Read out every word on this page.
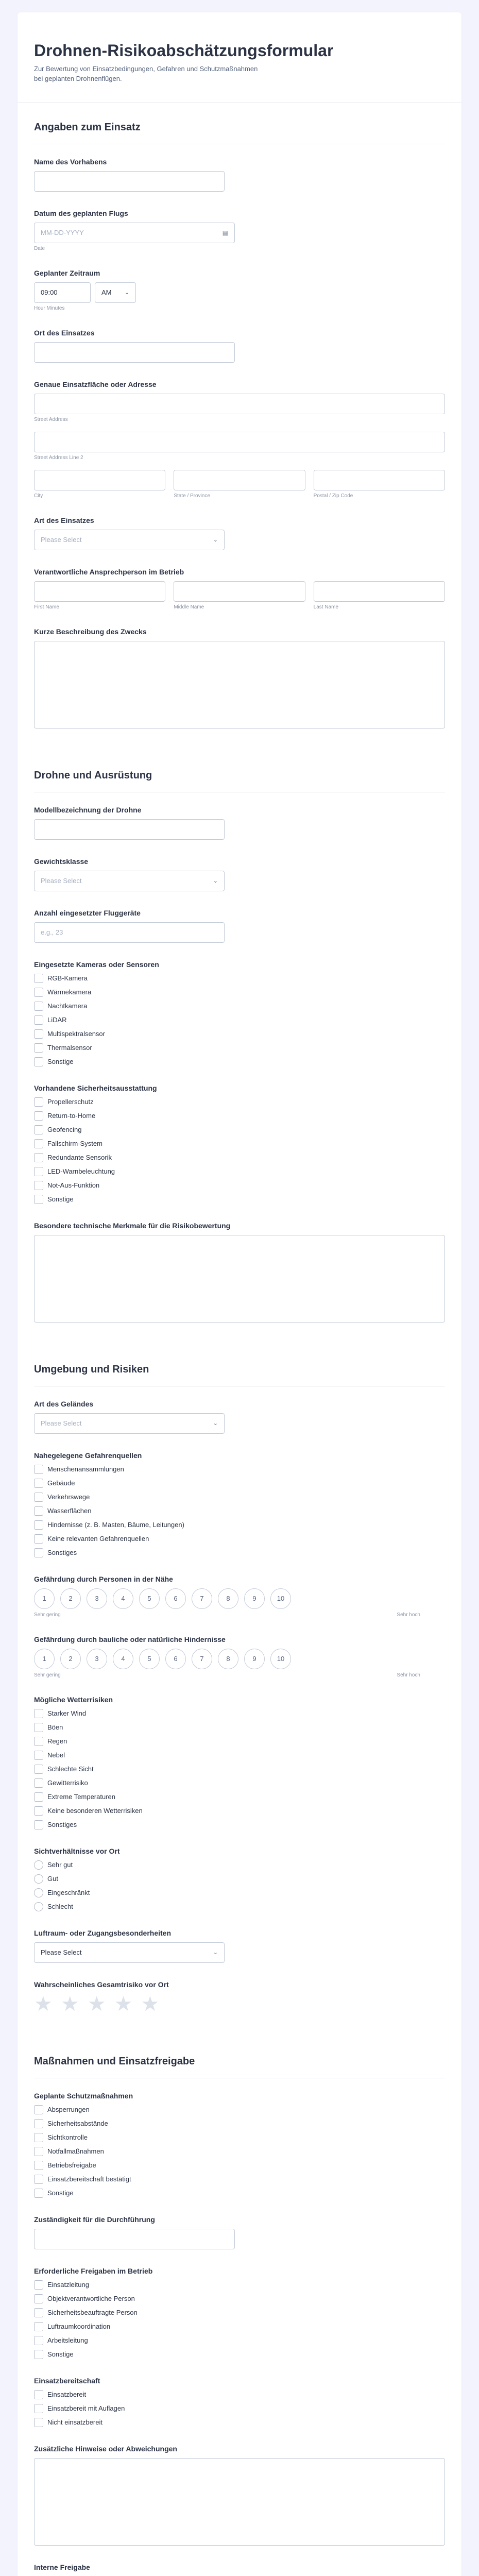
Drohnen-Risikoabschätzungsformular
Zur Bewertung von Einsatzbedingungen, Gefahren und Schutzmaßnahmen bei geplanten Drohnenflügen.
Angaben zum Einsatz
Name des Vorhabens
Datum des geplanten Flugs
MM-DD-YYYY	▦
Date
Geplanter Zeitraum
09:00	AM ⌄
Hour Minutes
Ort des Einsatzes
Genaue Einsatzfläche oder Adresse
Street Address
Street Address Line 2
City	State / Province	Postal / Zip Code
Art des Einsatzes
Please Select	⌄
Verantwortliche Ansprechperson im Betrieb
First Name	Middle Name	Last Name
Kurze Beschreibung des Zwecks
Drohne und Ausrüstung
Modellbezeichnung der Drohne
Gewichtsklasse
Please Select	⌄
Anzahl eingesetzter Fluggeräte
e.g., 23
Eingesetzte Kameras oder Sensoren
RGB-Kamera
Wärmekamera
Nachtkamera
LiDAR
Multispektralsensor
Thermalsensor
Sonstige
Vorhandene Sicherheitsausstattung
Propellerschutz
Return-to-Home
Geofencing
Fallschirm-System
Redundante Sensorik
LED-Warnbeleuchtung
Not-Aus-Funktion
Sonstige
Besondere technische Merkmale für die Risikobewertung
Umgebung und Risiken
Art des Geländes
Please Select	⌄
Nahegelegene Gefahrenquellen
Menschenansammlungen
Gebäude
Verkehrswege
Wasserflächen
Hindernisse (z. B. Masten, Bäume, Leitungen)
Keine relevanten Gefahrenquellen
Sonstiges
Gefährdung durch Personen in der Nähe
1	2	3	4	5	6	7	8	9	10
Sehr gering	Sehr hoch
Gefährdung durch bauliche oder natürliche Hindernisse
1	2	3	4	5	6	7	8	9	10
Sehr gering	Sehr hoch
Mögliche Wetterrisiken
Starker Wind
Böen
Regen
Nebel
Schlechte Sicht
Gewitterrisiko
Extreme Temperaturen
Keine besonderen Wetterrisiken
Sonstiges
Sichtverhältnisse vor Ort
Sehr gut
Gut
Eingeschränkt
Schlecht
Luftraum- oder Zugangsbesonderheiten
Please Select	⌄
Wahrscheinliches Gesamtrisiko vor Ort
★ ★ ★ ★ ★
Maßnahmen und Einsatzfreigabe
Geplante Schutzmaßnahmen
Absperrungen
Sicherheitsabstände
Sichtkontrolle
Notfallmaßnahmen
Betriebsfreigabe
Einsatzbereitschaft bestätigt
Sonstige
Zuständigkeit für die Durchführung
Erforderliche Freigaben im Betrieb
Einsatzleitung
Objektverantwortliche Person
Sicherheitsbeauftragte Person
Luftraumkoordination
Arbeitsleitung
Sonstige
Einsatzbereitschaft
Einsatzbereit
Einsatzbereit mit Auflagen
Nicht einsatzbereit
Zusätzliche Hinweise oder Abweichungen
Interne Freigabe
